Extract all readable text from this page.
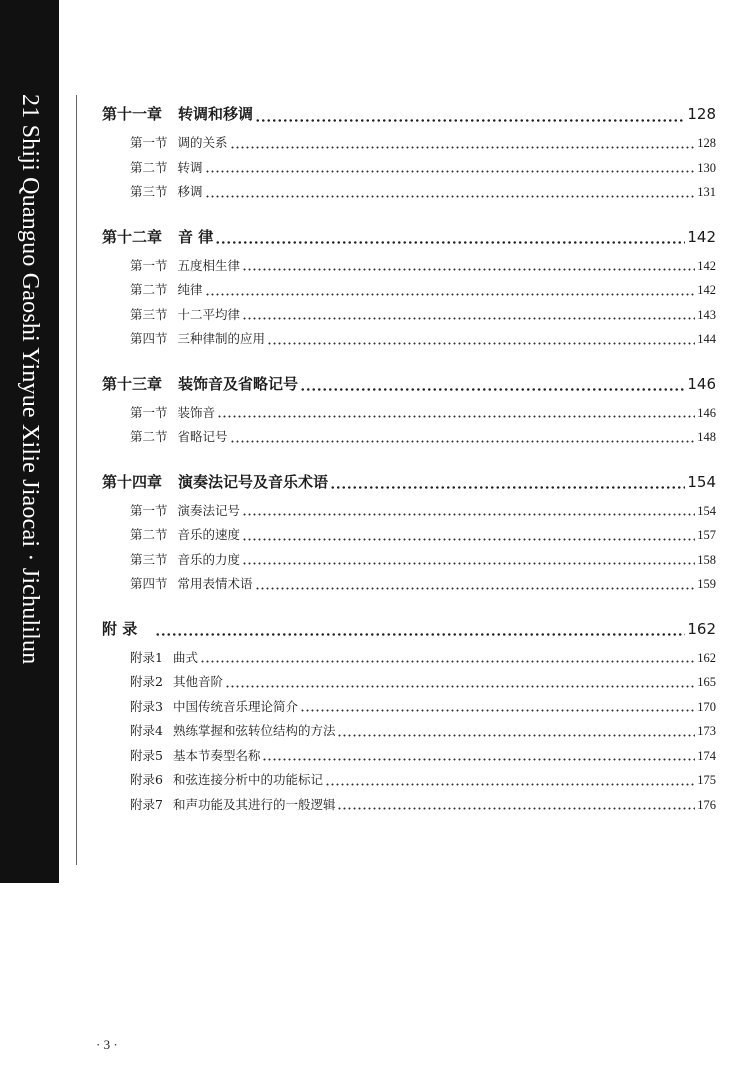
21 Shiji Quanguo Gaoshi Yinyue Xilie Jiaocai · Jichulilun	第十一章 转调和移调	128
第一节 调的关系	128
第二节 转调	130
第三节 移调	131
第十二章 音 律	142
第一节 五度相生律	142
第二节 纯律	142
第三节 十二平均律	143
第四节 三种律制的应用	144
第十三章 装饰音及省略记号	146
第一节 装饰音	146
第二节 省略记号	148
第十四章 演奏法记号及音乐术语	154
第一节 演奏法记号	154
第二节 音乐的速度	157
第三节 音乐的力度	158
第四节 常用表情术语	159
附 录	162
附录1 曲式	162
附录2 其他音阶	165
附录3 中国传统音乐理论简介	170
附录4 熟练掌握和弦转位结构的方法	173
附录5 基本节奏型名称	174
附录6 和弦连接分析中的功能标记	175
附录7 和声功能及其进行的一般逻辑	176
· 3 ·
